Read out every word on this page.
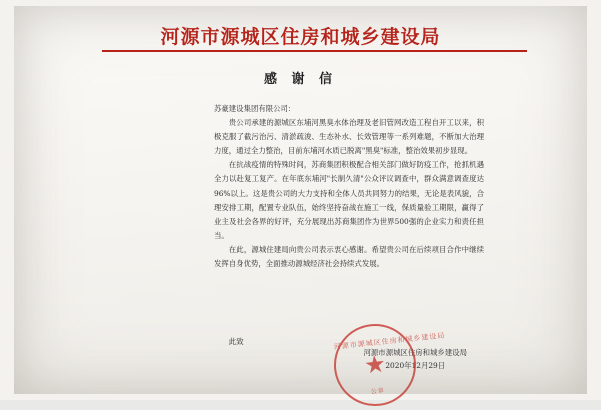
河源市源城区住房和城乡建设局
感 谢 信

苏豪建设集团有限公司：

贵公司承建的源城区东埔河黑臭水体治理及老旧管网改造工程自开工以来，积极克服了截污治污、清淤疏浚、生态补水、长效管理等一系列难题，不断加大治理力度，通过全力整治，目前东埔河水质已脱离"黑臭"标准，整治效果初步显现。

在抗战疫情的特殊时间，苏商集团积极配合相关部门做好防疫工作，抢抓机遇全力以赴复工复产。在年底东埔河"长制久清"公众评议调查中，群众满意调查度达96%以上。这是贵公司的大力支持和全体人员共同努力的结果，无论是表风貌，合理安排工期，配置专业队伍，始终坚持奋战在施工一线，保质量验工期限，赢得了业主及社会各界的好评，充分展现出苏商集团作为世界500强的企业实力和责任担当。

在此，源城住建局向贵公司表示衷心感谢。希望贵公司在后续项目合作中继续发挥自身优势，全面推动源城经济社会持续式发展。

此致
河源市源城区住房和城乡建设局
2020年12月29日
河源市源城区住房和城乡建设局
★
公章
